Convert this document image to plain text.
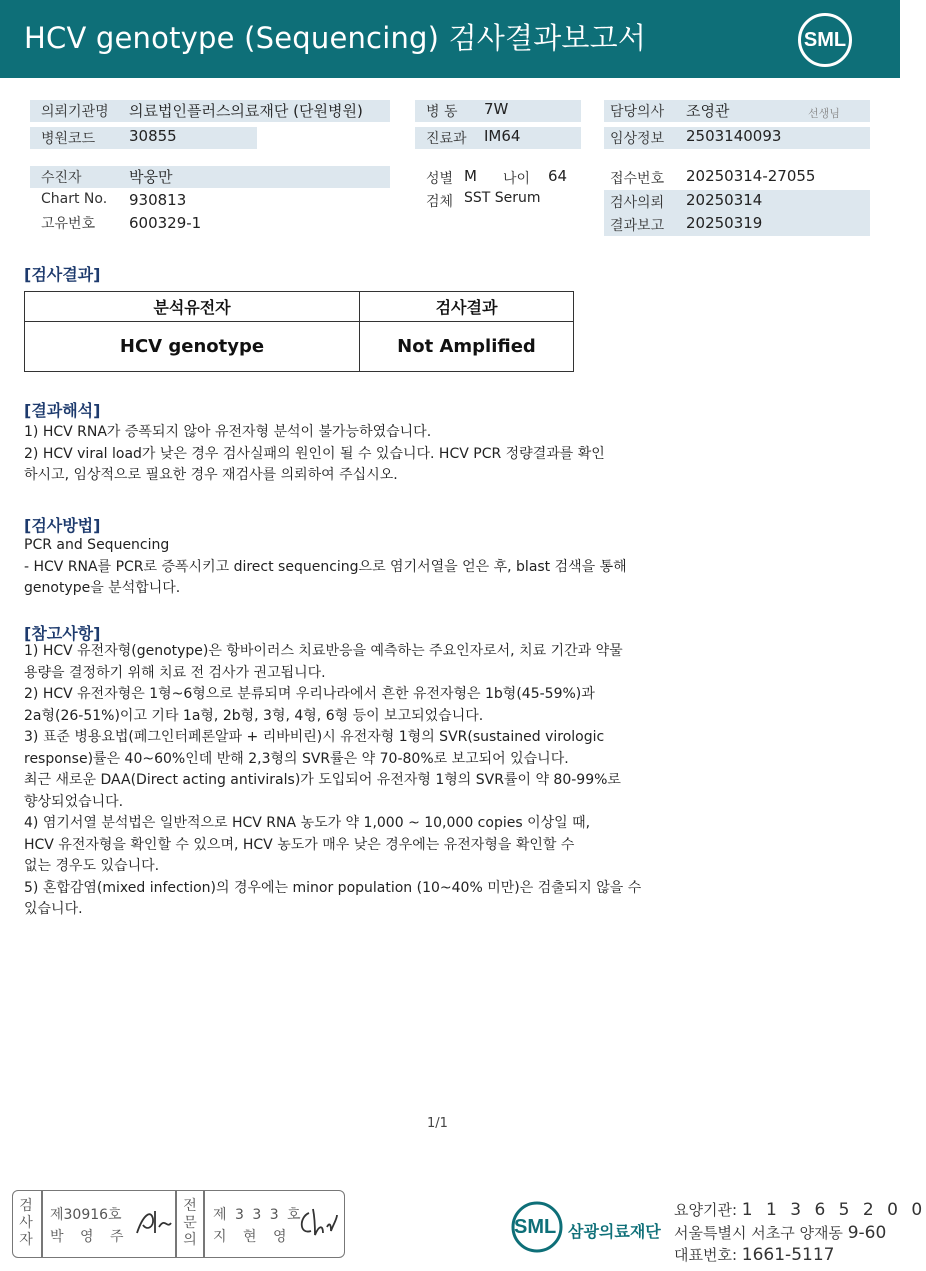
HCV genotype (Sequencing) 검사결과보고서	SML
의뢰기관명 의료법인플러스의료재단 (단원병원)
병원코드 30855
수진자	박웅만
Chart No. 930813
고유번호 600329-1
병 동 7W
진료과 IM64
성별 M 나이 64
검체 SST Serum
담당의사 조영관	선생님
임상정보 2503140093
접수번호 20250314-27055
검사의뢰 20250314
결과보고 20250319
[검사결과]
분석유전자	검사결과
HCV genotype	Not Amplified
[결과해석]
1) HCV RNA가 증폭되지 않아 유전자형 분석이 불가능하였습니다.
2) HCV viral load가 낮은 경우 검사실패의 원인이 될 수 있습니다. HCV PCR 정량결과를 확인
하시고, 임상적으로 필요한 경우 재검사를 의뢰하여 주십시오.
[검사방법]
PCR and Sequencing
- HCV RNA를 PCR로 증폭시키고 direct sequencing으로 염기서열을 얻은 후, blast 검색을 통해
genotype을 분석합니다.
[참고사항]
1) HCV 유전자형(genotype)은 항바이러스 치료반응을 예측하는 주요인자로서, 치료 기간과 약물
용량을 결정하기 위해 치료 전 검사가 권고됩니다.
2) HCV 유전자형은 1형~6형으로 분류되며 우리나라에서 흔한 유전자형은 1b형(45-59%)과
2a형(26-51%)이고 기타 1a형, 2b형, 3형, 4형, 6형 등이 보고되었습니다.
3) 표준 병용요법(페그인터페론알파 + 리바비린)시 유전자형 1형의 SVR(sustained virologic
response)률은 40~60%인데 반해 2,3형의 SVR률은 약 70-80%로 보고되어 있습니다.
최근 새로운 DAA(Direct acting antivirals)가 도입되어 유전자형 1형의 SVR률이 약 80-99%로
향상되었습니다.
4) 염기서열 분석법은 일반적으로 HCV RNA 농도가 약 1,000 ~ 10,000 copies 이상일 때,
HCV 유전자형을 확인할 수 있으며, HCV 농도가 매우 낮은 경우에는 유전자형을 확인할 수
없는 경우도 있습니다.
5) 혼합감염(mixed infection)의 경우에는 minor population (10~40% 미만)은 검출되지 않을 수
있습니다.
1/1
검사자
제30916호
박 영 주
전문의
제 3 3 3 호
지 현 영	SML 삼광의료재단
요양기관: 1 1 3 6 5 2 0 0
서울특별시 서초구 양재동 9-60
대표번호: 1661-5117
